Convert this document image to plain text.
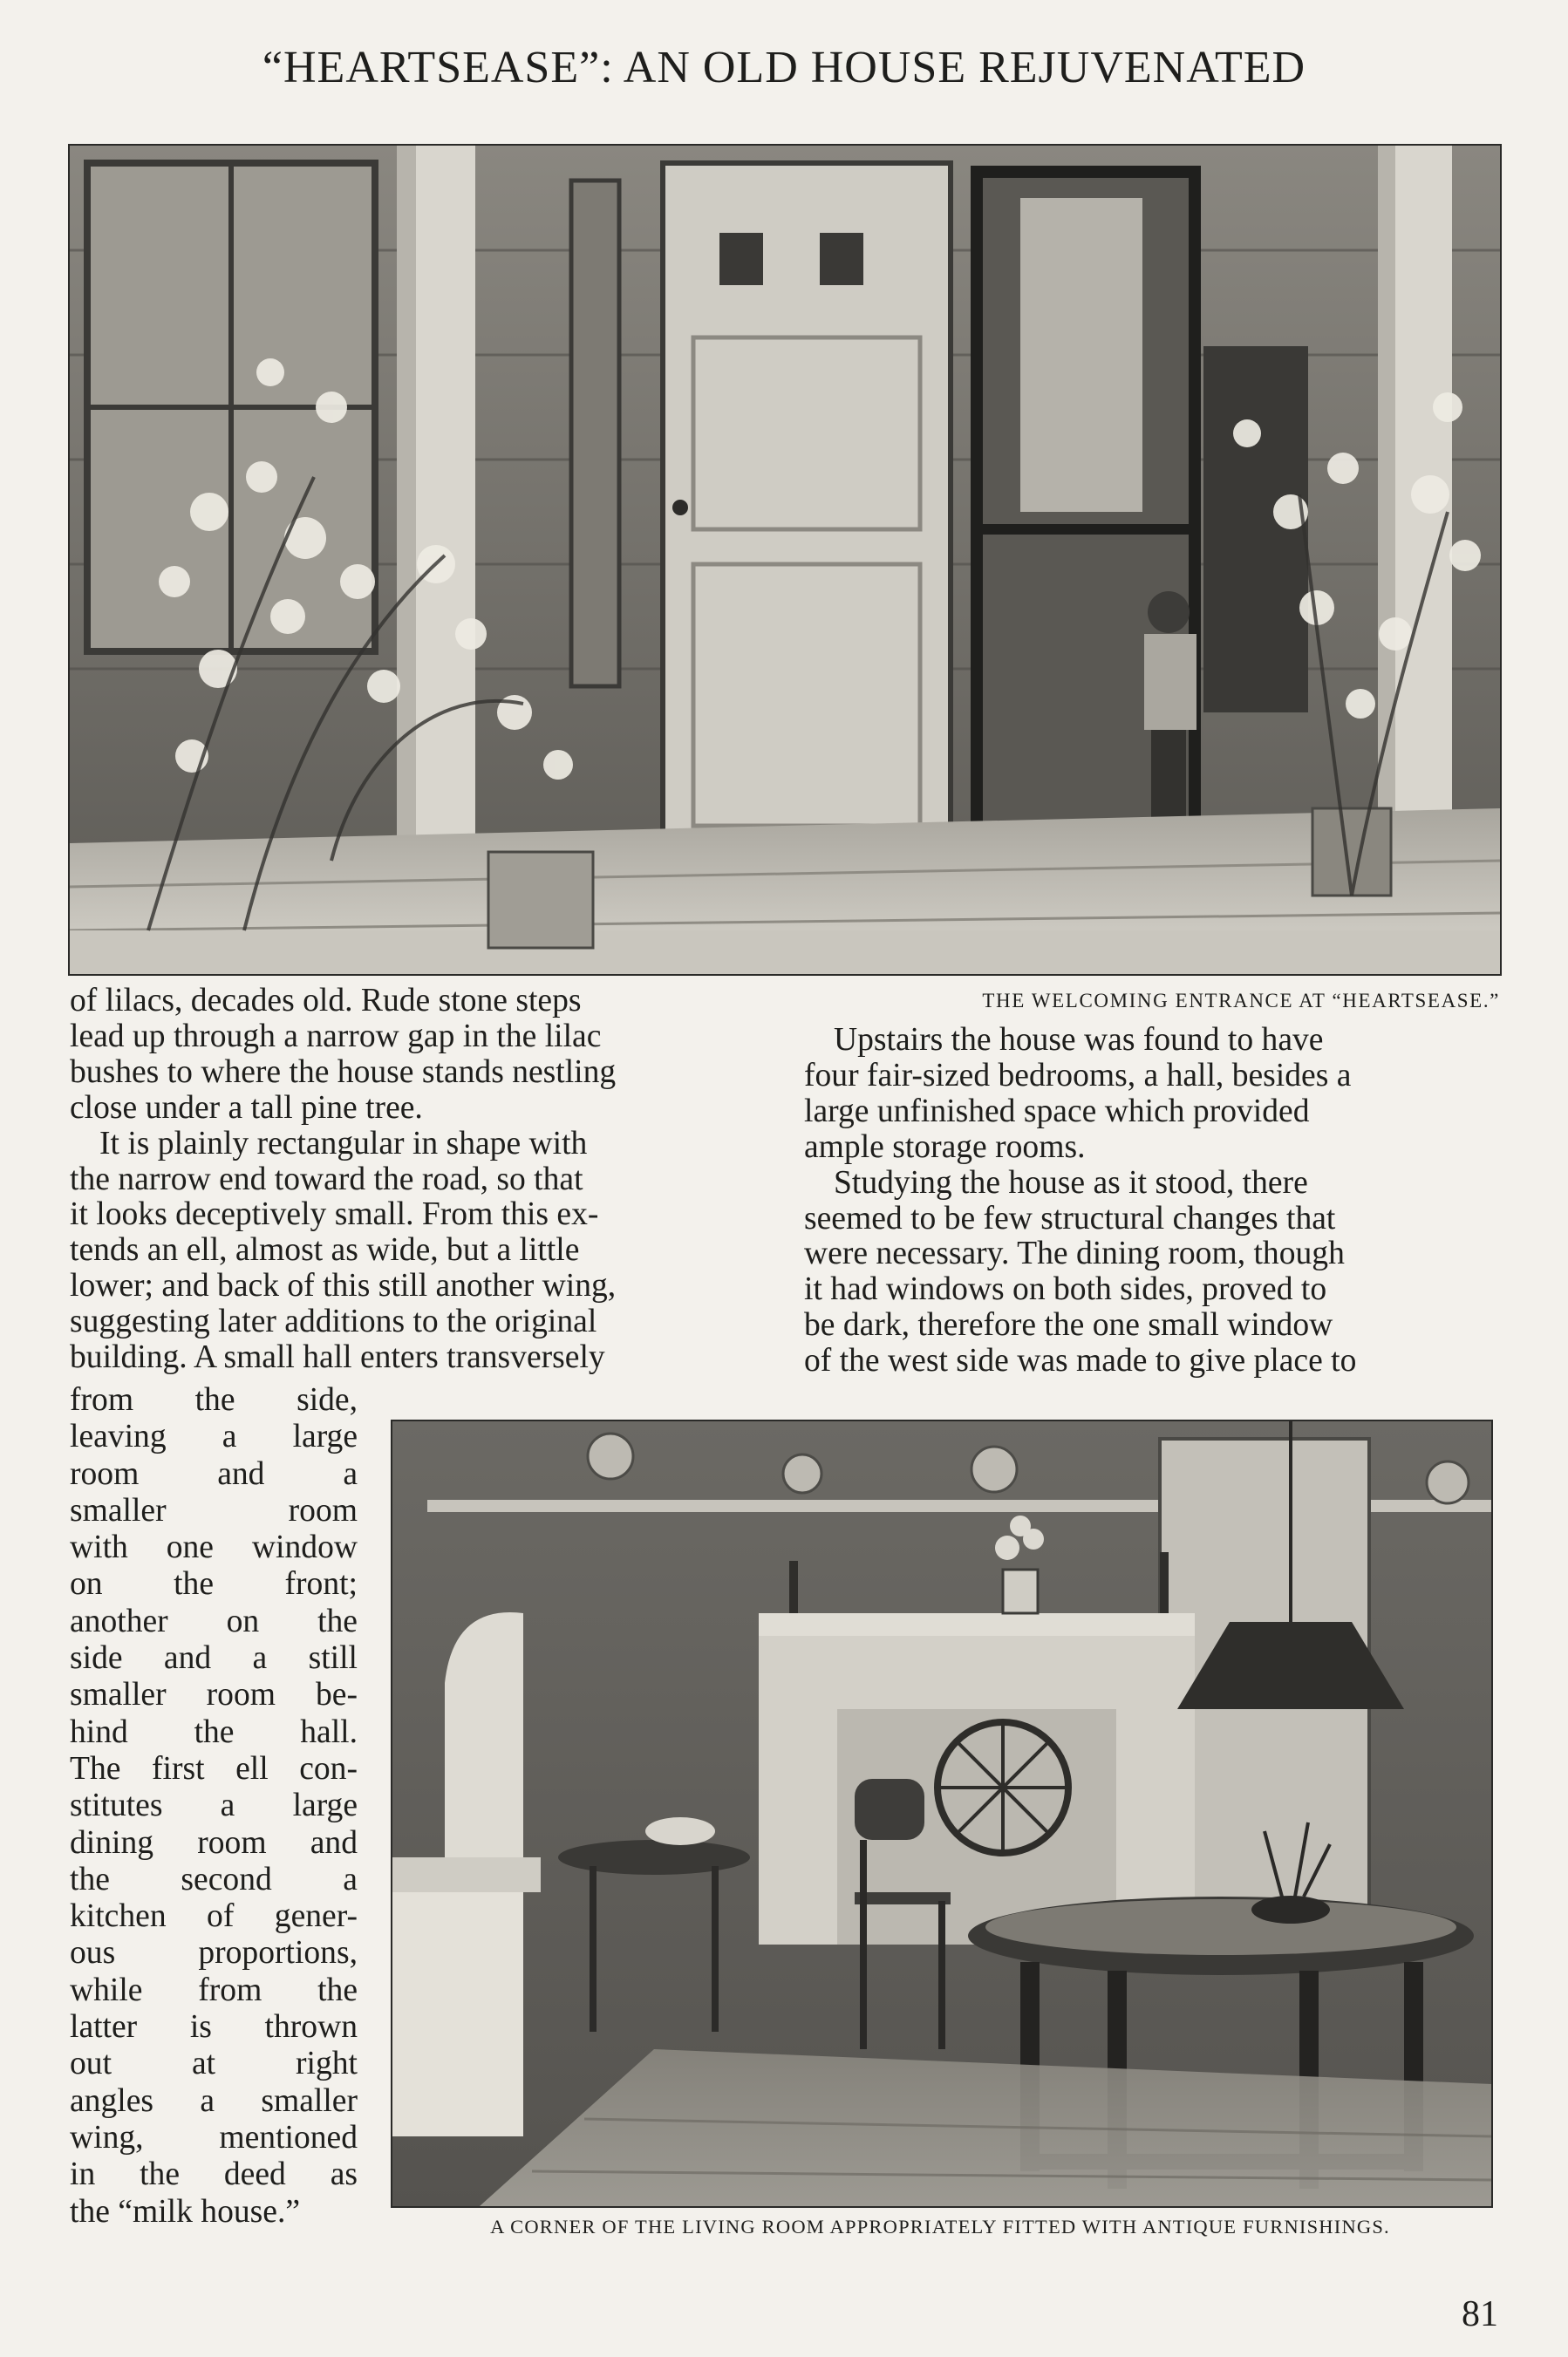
“HEARTSEASE”: AN OLD HOUSE REJUVENATED

of lilacs, decades old. Rude stone steps

lead up through a narrow gap in the lilac

bushes to where the house stands nestling

close under a tall pine tree.

It is plainly rectangular in shape with

the narrow end toward the road, so that

it looks deceptively small. From this ex-

tends an ell, almost as wide, but a little

lower; and back of this still another wing,

suggesting later additions to the original

building. A small hall enters transversely

THE WELCOMING ENTRANCE AT “HEARTSEASE.”

Upstairs the house was found to have

four fair-sized bedrooms, a hall, besides a

large unfinished space which provided

ample storage rooms.

Studying the house as it stood, there

seemed to be few structural changes that

were necessary. The dining room, though

it had windows on both sides, proved to

be dark, therefore the one small window

of the west side was made to give place to

from the side,
leaving a large
room and a
smaller room
with one window
on the front;
another on the
side and a still
smaller room be-
hind the hall.
The first ell con-
stitutes a large
dining room and
the second a
kitchen of gener-
ous proportions,
while from the
latter is thrown
out at right
angles a smaller
wing, mentioned
in the deed as
the “milk house.”	A CORNER OF THE LIVING ROOM APPROPRIATELY FITTED WITH ANTIQUE FURNISHINGS.
81
